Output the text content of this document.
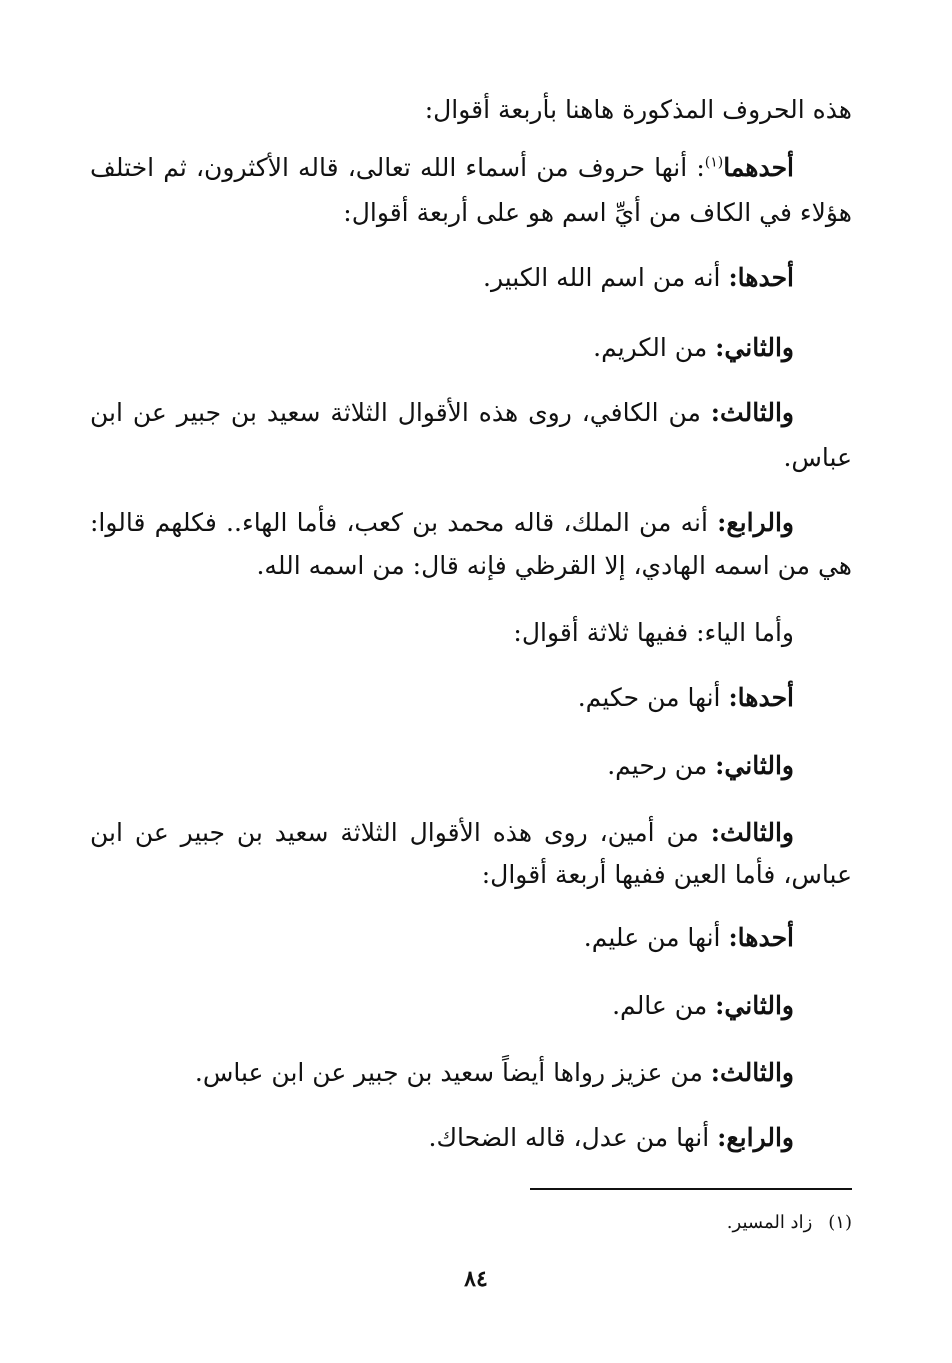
هذه الحروف المذكورة هاهنا بأربعة أقوال:
أحدهما$^{(١)}$: أنها حروف من أسماء الله تعالى، قاله الأكثرون، ثم اختلف
هؤلاء في الكاف من أيِّ اسم هو على أربعة أقوال:
أحدها: أنه من اسم الله الكبير.
والثاني: من الكريم.
والثالث: من الكافي، روى هذه الأقوال الثلاثة سعيد بن جبير عن ابن
عباس.
والرابع: أنه من الملك، قاله محمد بن كعب، فأما الهاء.. فكلهم قالوا:
هي من اسمه الهادي، إلا القرظي فإنه قال: من اسمه الله.
وأما الياء: ففيها ثلاثة أقوال:
أحدها: أنها من حكيم.
والثاني: من رحيم.
والثالث: من أمين، روى هذه الأقوال الثلاثة سعيد بن جبير عن ابن
عباس، فأما العين ففيها أربعة أقوال:
أحدها: أنها من عليم.
والثاني: من عالم.
والثالث: من عزيز رواها أيضاً سعيد بن جبير عن ابن عباس.
والرابع: أنها من عدل، قاله الضحاك.
(١)زاد المسير.
٨٤
